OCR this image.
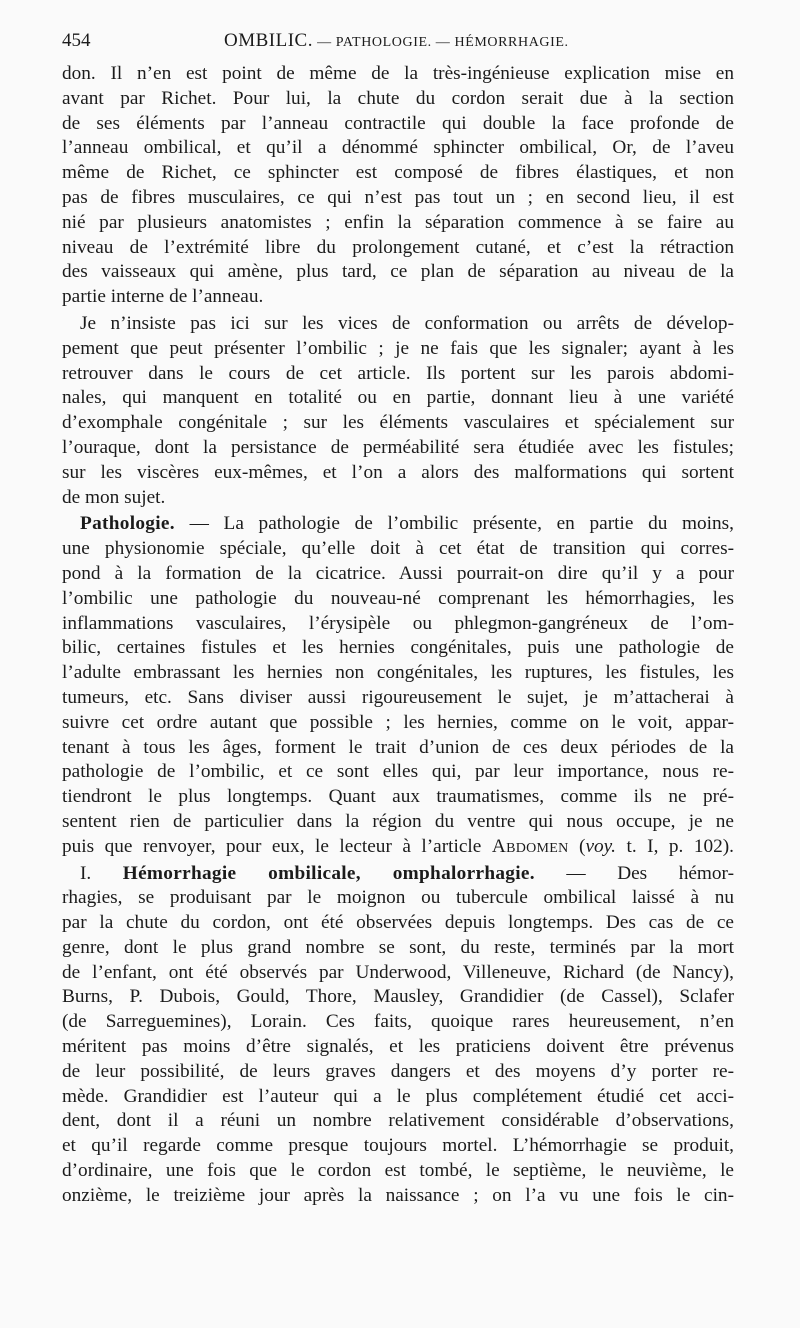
454	OMBILIC. — PATHOLOGIE. — HÉMORRHAGIE.
don. Il n’en est point de même de la très-ingénieuse explication mise en
avant par Richet. Pour lui, la chute du cordon serait due à la section
de ses éléments par l’anneau contractile qui double la face profonde de
l’anneau ombilical, et qu’il a dénommé sphincter ombilical, Or, de l’aveu
même de Richet, ce sphincter est composé de fibres élastiques, et non
pas de fibres musculaires, ce qui n’est pas tout un ; en second lieu, il est
nié par plusieurs anatomistes ; enfin la séparation commence à se faire au
niveau de l’extrémité libre du prolongement cutané, et c’est la rétraction
des vaisseaux qui amène, plus tard, ce plan de séparation au niveau de la
partie interne de l’anneau.
Je n’insiste pas ici sur les vices de conformation ou arrêts de dévelop-
pement que peut présenter l’ombilic ; je ne fais que les signaler; ayant à les
retrouver dans le cours de cet article. Ils portent sur les parois abdomi-
nales, qui manquent en totalité ou en partie, donnant lieu à une variété
d’exomphale congénitale ; sur les éléments vasculaires et spécialement sur
l’ouraque, dont la persistance de perméabilité sera étudiée avec les fistules;
sur les viscères eux-mêmes, et l’on a alors des malformations qui sortent
de mon sujet.
Pathologie. — La pathologie de l’ombilic présente, en partie du moins,
une physionomie spéciale, qu’elle doit à cet état de transition qui corres-
pond à la formation de la cicatrice. Aussi pourrait-on dire qu’il y a pour
l’ombilic une pathologie du nouveau-né comprenant les hémorrhagies, les
inflammations vasculaires, l’érysipèle ou phlegmon-gangréneux de l’om-
bilic, certaines fistules et les hernies congénitales, puis une pathologie de
l’adulte embrassant les hernies non congénitales, les ruptures, les fistules, les
tumeurs, etc. Sans diviser aussi rigoureusement le sujet, je m’attacherai à
suivre cet ordre autant que possible ; les hernies, comme on le voit, appar-
tenant à tous les âges, forment le trait d’union de ces deux périodes de la
pathologie de l’ombilic, et ce sont elles qui, par leur importance, nous re-
tiendront le plus longtemps. Quant aux traumatismes, comme ils ne pré-
sentent rien de particulier dans la région du ventre qui nous occupe, je ne
puis que renvoyer, pour eux, le lecteur à l’article Abdomen (voy. t. I, p. 102).
I. Hémorrhagie ombilicale, omphalorrhagie. — Des hémor-
rhagies, se produisant par le moignon ou tubercule ombilical laissé à nu
par la chute du cordon, ont été observées depuis longtemps. Des cas de ce
genre, dont le plus grand nombre se sont, du reste, terminés par la mort
de l’enfant, ont été observés par Underwood, Villeneuve, Richard (de Nancy),
Burns, P. Dubois, Gould, Thore, Mausley, Grandidier (de Cassel), Sclafer
(de Sarreguemines), Lorain. Ces faits, quoique rares heureusement, n’en
méritent pas moins d’être signalés, et les praticiens doivent être prévenus
de leur possibilité, de leurs graves dangers et des moyens d’y porter re-
mède. Grandidier est l’auteur qui a le plus complétement étudié cet acci-
dent, dont il a réuni un nombre relativement considérable d’observations,
et qu’il regarde comme presque toujours mortel. L’hémorrhagie se produit,
d’ordinaire, une fois que le cordon est tombé, le septième, le neuvième, le
onzième, le treizième jour après la naissance ; on l’a vu une fois le cin-
